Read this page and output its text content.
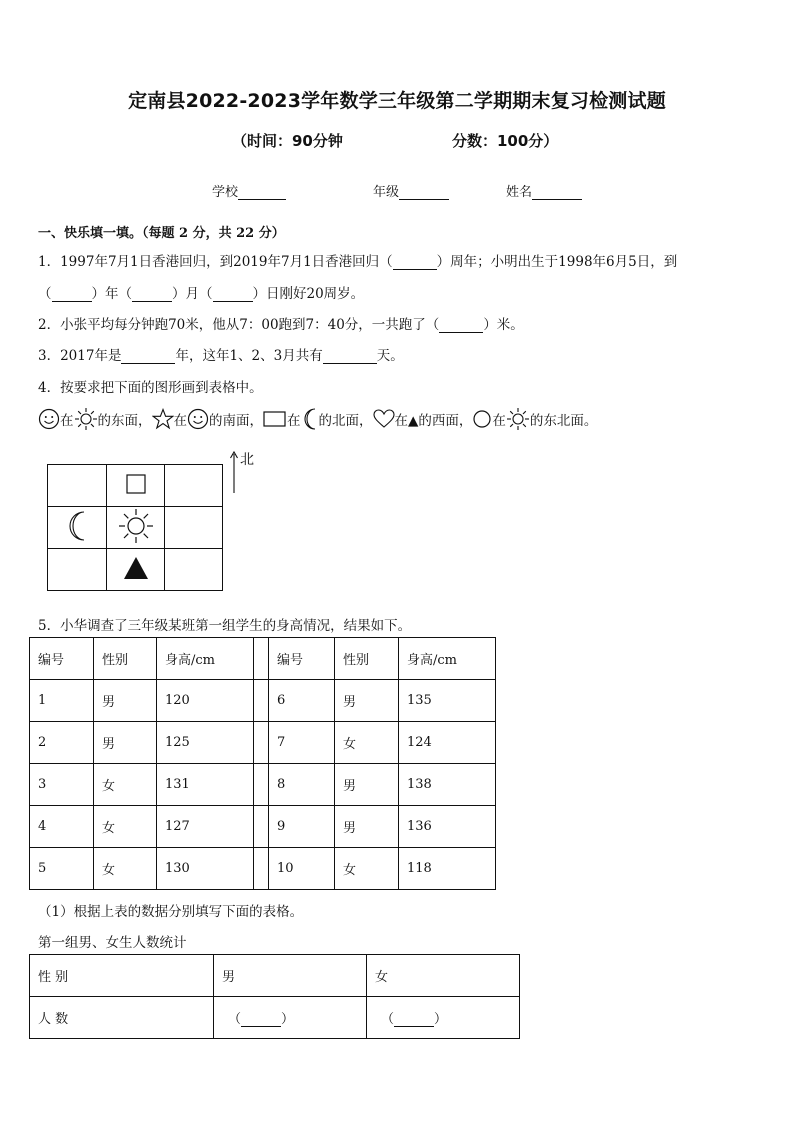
定南县2022-2023学年数学三年级第二学期期末复习检测试题
（时间：90分钟	分数：100分）
学校	年级	姓名
一、快乐填一填。（每题 2 分，共 22 分）
1．1997年7月1日香港回归，到2019年7月1日香港回归（	）周年；小明出生于1998年6月5日，到
（	）年（	）月（	）日刚好20周岁。
2．小张平均每分钟跑70米，他从7：00跑到7：40分，一共跑了（	）米。
3．2017年是	年，这年1、2、3月共有	天。
4．按要求把下面的图形画到表格中。
在 的东面， 在 的南面， 在 的北面， 在▲的西面， 在 的东北面。

北
5．小华调查了三年级某班第一组学生的身高情况，结果如下。
编号	性别	身高/cm		编号	性别	身高/cm
1	男	120		6	男	135
2	男	125		7	女	124
3	女	131		8	男	138
4	女	127		9	男	136
5	女	130		10	女	118
（1）根据上表的数据分别填写下面的表格。
第一组男、女生人数统计
性 别	男	女
人 数	（ ）	（ ）
